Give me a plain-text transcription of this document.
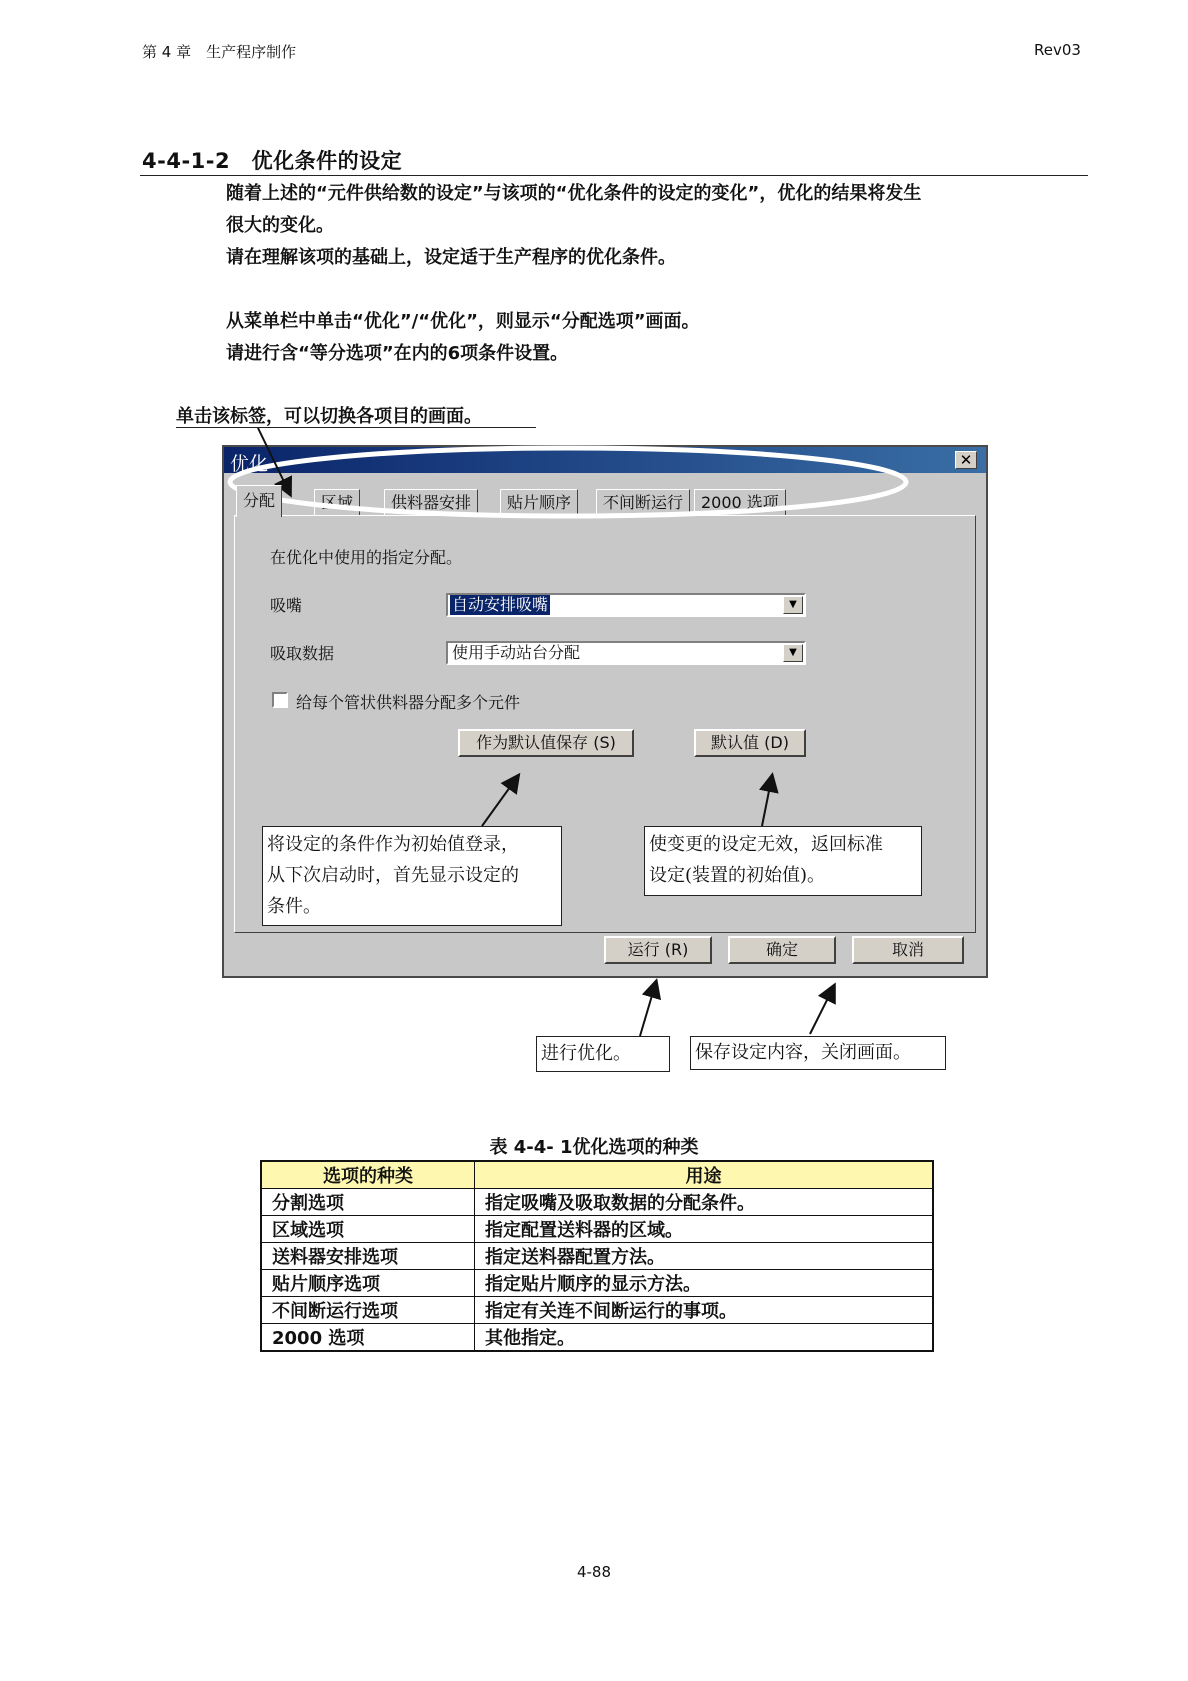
第 4 章　生产程序制作	Rev03
4-4-1-2　优化条件的设定
随着上述的“元件供给数的设定”与该项的“优化条件的设定的变化”，优化的结果将发生
很大的变化。
请在理解该项的基础上，设定适于生产程序的优化条件。
从菜单栏中单击“优化”/“优化”，则显示“分配选项”画面。
请进行含“等分选项”在内的6项条件设置。
单击该标签，可以切换各项目的画面。
优化	✕
分配	区域	供料器安排	贴片顺序	不间断运行	2000 选项
在优化中使用的指定分配。
吸嘴	自动安排吸嘴	▼
吸取数据	使用手动站台分配	▼
给每个管状供料器分配多个元件
作为默认值保存 (S)	默认值 (D)
运行 (R)	确定	取消
将设定的条件作为初始值登录，
从下次启动时，首先显示设定的
条件。
使变更的设定无效，返回标准
设定(装置的初始值)。
进行优化。	保存设定内容，关闭画面。
表 4-4- 1优化选项的种类
选项的种类	用途
分割选项	指定吸嘴及吸取数据的分配条件。
区域选项	指定配置送料器的区域。
送料器安排选项	指定送料器配置方法。
贴片顺序选项	指定贴片顺序的显示方法。
不间断运行选项	指定有关连不间断运行的事项。
2000 选项	其他指定。
4-88
